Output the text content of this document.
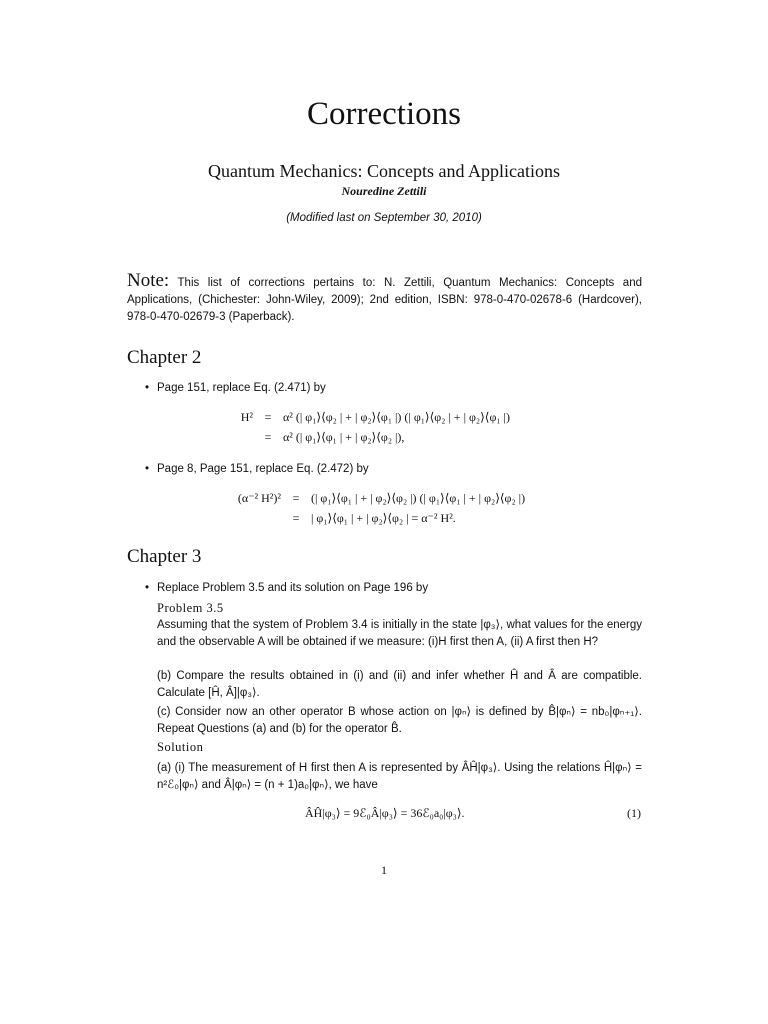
Corrections
Quantum Mechanics: Concepts and Applications
Nouredine Zettili
(Modified last on September 30, 2010)
Note: This list of corrections pertains to: N. Zettili, Quantum Mechanics: Concepts and Applications, (Chichester: John-Wiley, 2009); 2nd edition, ISBN: 978-0-470-02678-6 (Hardcover), 978-0-470-02679-3 (Paperback).
Chapter 2
• Page 151, replace Eq. (2.471) by
H² = α² (| φ₁⟩⟨φ₂ | + | φ₂⟩⟨φ₁ |) (| φ₁⟩⟨φ₂ | + | φ₂⟩⟨φ₁ |)
= α² (| φ₁⟩⟨φ₁ | + | φ₂⟩⟨φ₂ |),
• Page 8, Page 151, replace Eq. (2.472) by
(α⁻² H²)² = (| φ₁⟩⟨φ₁ | + | φ₂⟩⟨φ₂ |) (| φ₁⟩⟨φ₁ | + | φ₂⟩⟨φ₂ |)
= | φ₁⟩⟨φ₁ | + | φ₂⟩⟨φ₂ | = α⁻² H².
Chapter 3
• Replace Problem 3.5 and its solution on Page 196 by
Problem 3.5
Assuming that the system of Problem 3.4 is initially in the state |φ₃⟩, what values for the energy and the observable A will be obtained if we measure: (i)H first then A, (ii) A first then H?
(b) Compare the results obtained in (i) and (ii) and infer whether Ĥ and Â are compatible. Calculate [Ĥ, Â]|φ₃⟩.
(c) Consider now an other operator B whose action on |φₙ⟩ is defined by B̂|φₙ⟩ = nb₀|φₙ₊₁⟩. Repeat Questions (a) and (b) for the operator B̂.
Solution
(a) (i) The measurement of H first then A is represented by ÂĤ|φ₃⟩. Using the relations Ĥ|φₙ⟩ = n²ℰ₀|φₙ⟩ and Â|φₙ⟩ = (n + 1)a₀|φₙ⟩, we have
ÂĤ|φ₃⟩ = 9ℰ₀Â|φ₃⟩ = 36ℰ₀a₀|φ₃⟩.	(1)
1
